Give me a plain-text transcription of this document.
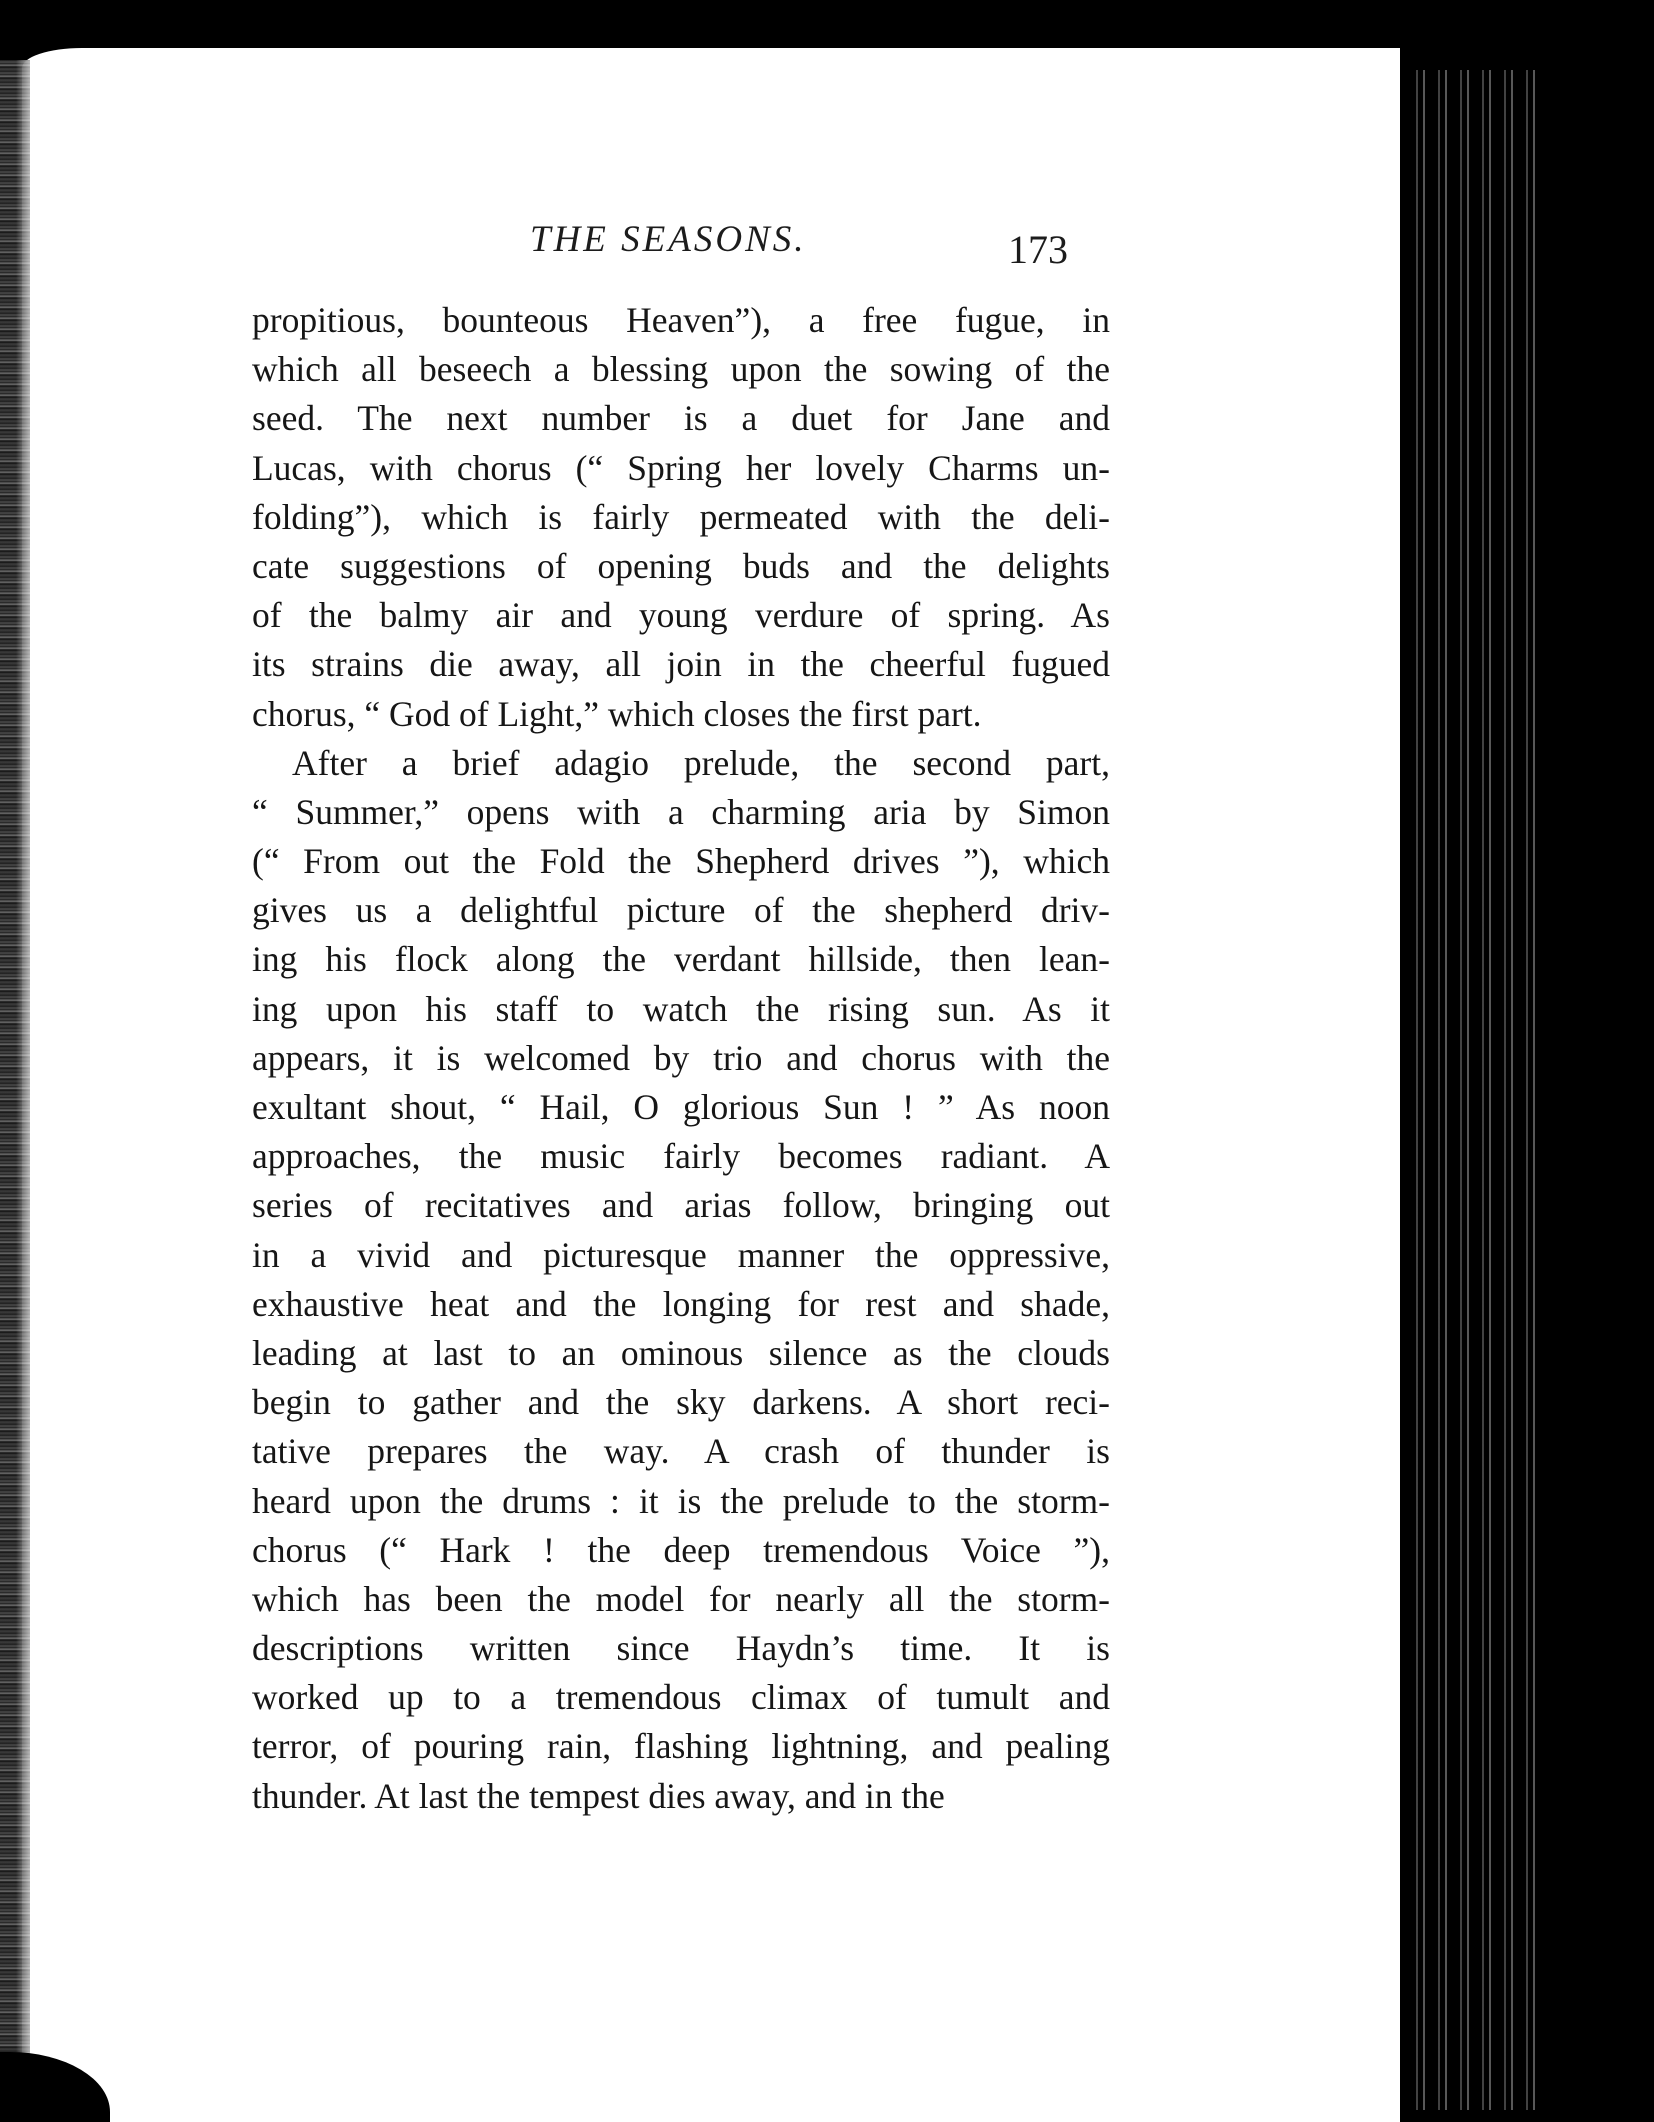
THE SEASONS.	173
propitious, bounteous Heaven”), a free fugue, in
which all beseech a blessing upon the sowing of the
seed. The next number is a duet for Jane and
Lucas, with chorus (“ Spring her lovely Charms un-
folding”), which is fairly permeated with the deli-
cate suggestions of opening buds and the delights
of the balmy air and young verdure of spring. As
its strains die away, all join in the cheerful fugued
chorus, “ God of Light,” which closes the first part.
After a brief adagio prelude, the second part,
“ Summer,” opens with a charming aria by Simon
(“ From out the Fold the Shepherd drives ”), which
gives us a delightful picture of the shepherd driv-
ing his flock along the verdant hillside, then lean-
ing upon his staff to watch the rising sun. As it
appears, it is welcomed by trio and chorus with the
exultant shout, “ Hail, O glorious Sun ! ” As noon
approaches, the music fairly becomes radiant. A
series of recitatives and arias follow, bringing out
in a vivid and picturesque manner the oppressive,
exhaustive heat and the longing for rest and shade,
leading at last to an ominous silence as the clouds
begin to gather and the sky darkens. A short reci-
tative prepares the way. A crash of thunder is
heard upon the drums : it is the prelude to the storm-
chorus (“ Hark ! the deep tremendous Voice ”),
which has been the model for nearly all the storm-
descriptions written since Haydn’s time. It is
worked up to a tremendous climax of tumult and
terror, of pouring rain, flashing lightning, and pealing
thunder. At last the tempest dies away, and in the
